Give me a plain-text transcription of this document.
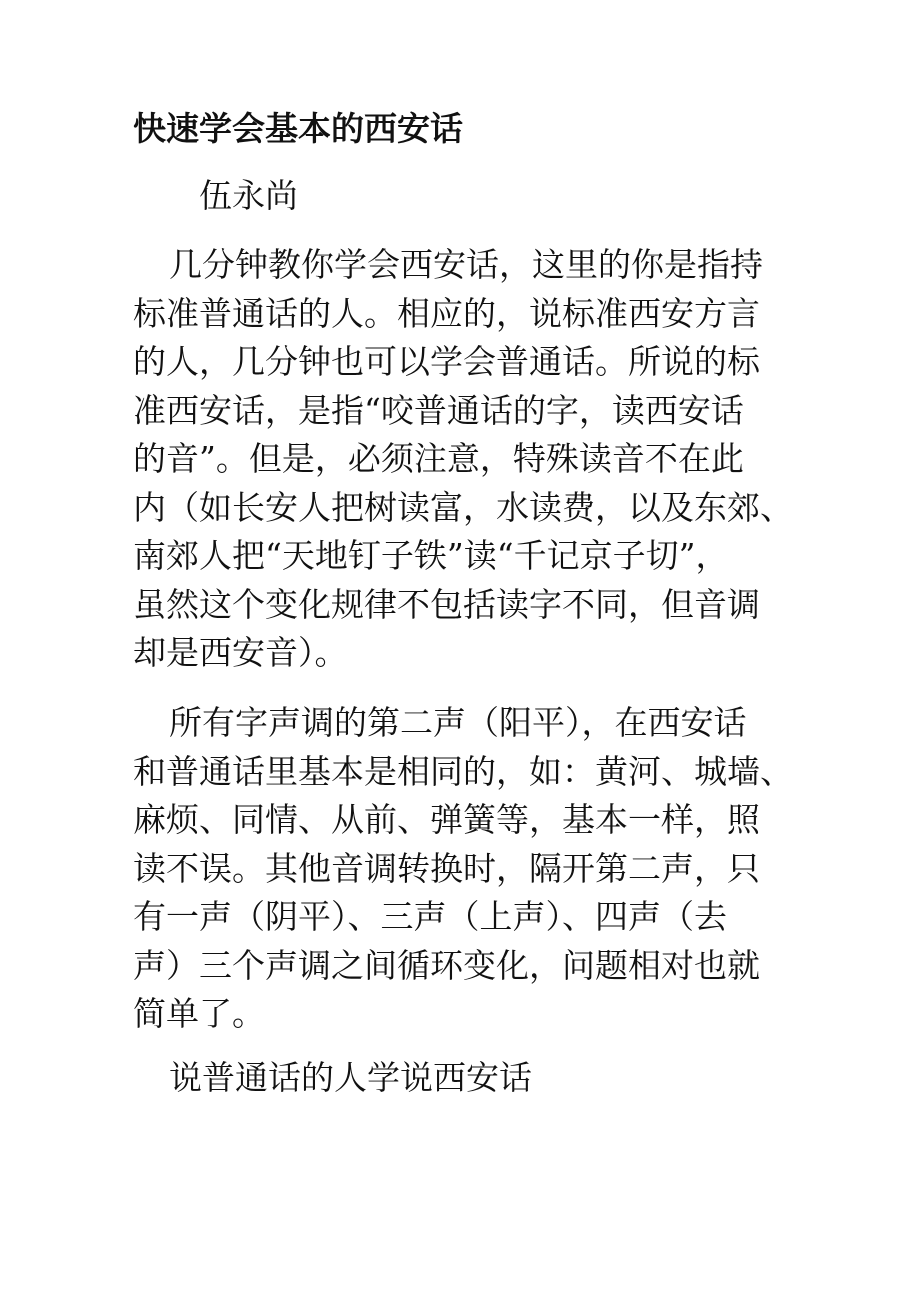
快速学会基本的西安话

伍永尚

几分钟教你学会西安话，这里的你是指持
标准普通话的人。相应的，说标准西安方言
的人，几分钟也可以学会普通话。所说的标
准西安话，是指“咬普通话的字，读西安话
的音”。但是，必须注意，特殊读音不在此
内（如长安人把树读富，水读费，以及东郊、
南郊人把“天地钉子铁”读“千记京子切”，
虽然这个变化规律不包括读字不同，但音调
却是西安音）。
所有字声调的第二声（阳平），在西安话
和普通话里基本是相同的，如：黄河、城墙、
麻烦、同情、从前、弹簧等，基本一样，照
读不误。其他音调转换时，隔开第二声，只
有一声（阴平）、三声（上声）、四声（去
声）三个声调之间循环变化，问题相对也就
简单了。
说普通话的人学说西安话
